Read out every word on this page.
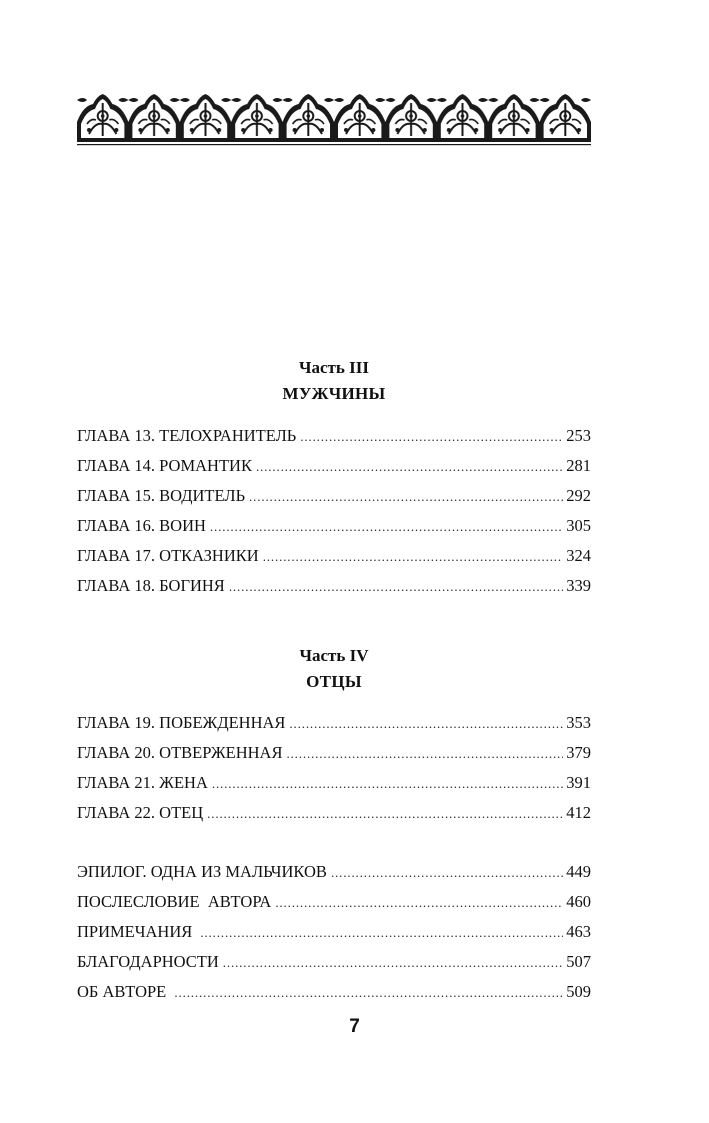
Часть III

МУЖЧИНЫ

ГЛАВА 13. ТЕЛОХРАНИТЕЛЬ . . .	253
ГЛАВА 14. РОМАНТИК . . .	281
ГЛАВА 15. ВОДИТЕЛЬ . . .	292
ГЛАВА 16. ВОИН . . .	305
ГЛАВА 17. ОТКАЗНИКИ . . .	324
ГЛАВА 18. БОГИНЯ . . .	339

Часть IV

ОТЦЫ

ГЛАВА 19. ПОБЕЖДЕННАЯ . . .	353
ГЛАВА 20. ОТВЕРЖЕННАЯ . . .	379
ГЛАВА 21. ЖЕНА . . .	391
ГЛАВА 22. ОТЕЦ . . .	412
ЭПИЛОГ. ОДНА ИЗ МАЛЬЧИКОВ . . .	449
ПОСЛЕСЛОВИЕ  АВТОРА . . .	460
ПРИМЕЧАНИЯ . . .	463
БЛАГОДАРНОСТИ . . .	507
ОБ АВТОРЕ . . .	509
7
